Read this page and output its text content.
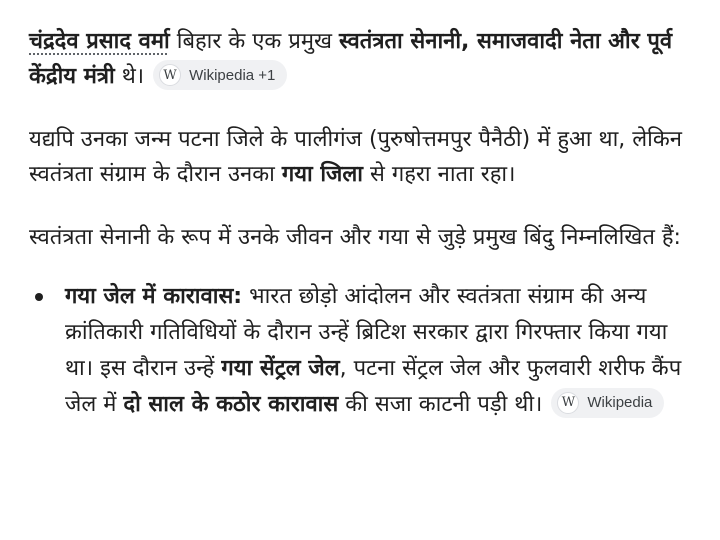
चंद्रदेव प्रसाद वर्मा बिहार के एक प्रमुख स्वतंत्रता सेनानी, समाजवादी नेता और पूर्व केंद्रीय मंत्री थे।	W Wikipedia +1

यद्यपि उनका जन्म पटना जिले के पालीगंज (पुरुषोत्तमपुर पैनैठी) में हुआ था, लेकिन स्वतंत्रता संग्राम के दौरान उनका गया जिला से गहरा नाता रहा।

स्वतंत्रता सेनानी के रूप में उनके जीवन और गया से जुड़े प्रमुख बिंदु निम्नलिखित हैं:

गया जेल में कारावास: भारत छोड़ो आंदोलन और स्वतंत्रता संग्राम की अन्य क्रांतिकारी गतिविधियों के दौरान उन्हें ब्रिटिश सरकार द्वारा गिरफ्तार किया गया था। इस दौरान उन्हें गया सेंट्रल जेल, पटना सेंट्रल जेल और फुलवारी शरीफ कैंप जेल में दो साल के कठोर कारावास की सजा काटनी पड़ी थी।	W Wikipedia
